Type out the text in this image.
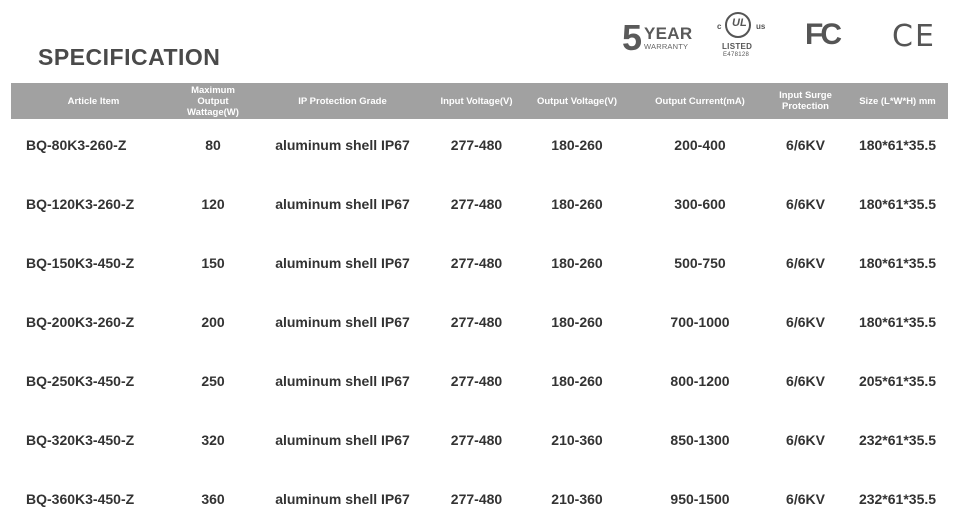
SPECIFICATION	5 YEAR
WARRANTY
c UL us
LISTED
E478128
FC CE
Article Item	Maximum Output Wattage(W)	IP Protection Grade	Input Voltage(V)	Output Voltage(V)	Output Current(mA)	Input Surge Protection	Size (L*W*H) mm
BQ-80K3-260-Z	80	aluminum shell IP67	277-480	180-260	200-400	6/6KV	180*61*35.5
BQ-120K3-260-Z	120	aluminum shell IP67	277-480	180-260	300-600	6/6KV	180*61*35.5
BQ-150K3-450-Z	150	aluminum shell IP67	277-480	180-260	500-750	6/6KV	180*61*35.5
BQ-200K3-260-Z	200	aluminum shell IP67	277-480	180-260	700-1000	6/6KV	180*61*35.5
BQ-250K3-450-Z	250	aluminum shell IP67	277-480	180-260	800-1200	6/6KV	205*61*35.5
BQ-320K3-450-Z	320	aluminum shell IP67	277-480	210-360	850-1300	6/6KV	232*61*35.5
BQ-360K3-450-Z	360	aluminum shell IP67	277-480	210-360	950-1500	6/6KV	232*61*35.5
